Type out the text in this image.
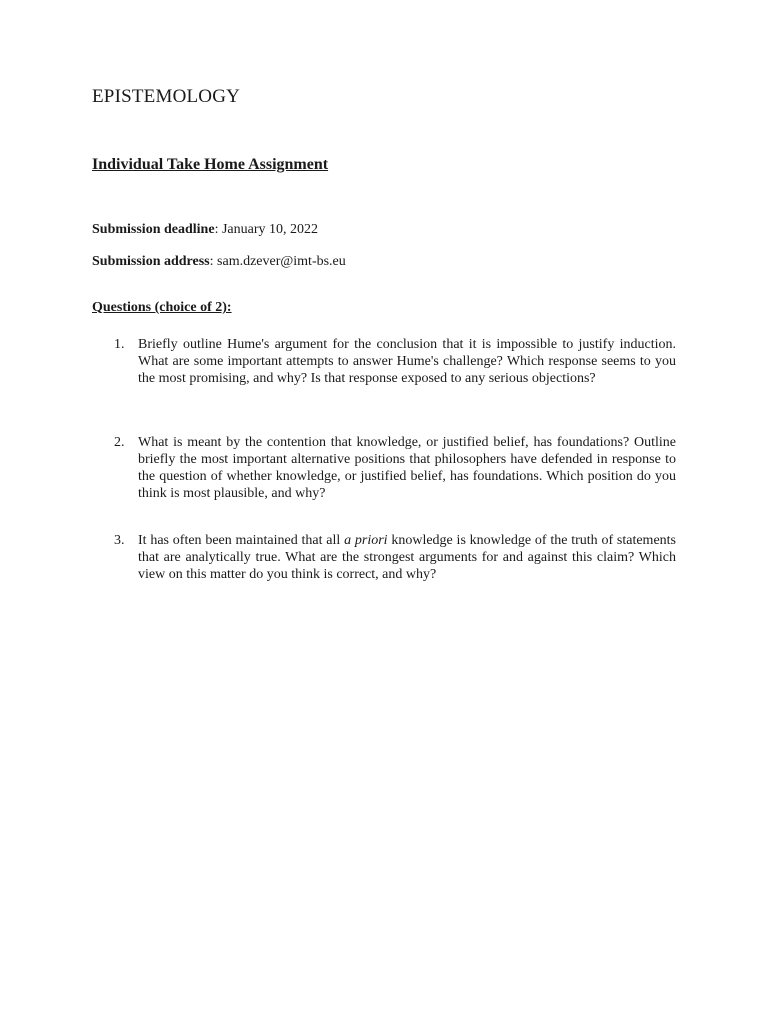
EPISTEMOLOGY
Individual Take Home Assignment

Submission deadline: January 10, 2022

Submission address: sam.dzever@imt-bs.eu

Questions (choice of 2):

1. Briefly outline Hume's argument for the conclusion that it is impossible to justify induction. What are some important attempts to answer Hume's challenge? Which response seems to you the most promising, and why? Is that response exposed to any serious objections?
2. What is meant by the contention that knowledge, or justified belief, has foundations? Outline briefly the most important alternative positions that philosophers have defended in response to the question of whether knowledge, or justified belief, has foundations. Which position do you think is most plausible, and why?
3. It has often been maintained that all a priori knowledge is knowledge of the truth of statements that are analytically true. What are the strongest arguments for and against this claim? Which view on this matter do you think is correct, and why?
